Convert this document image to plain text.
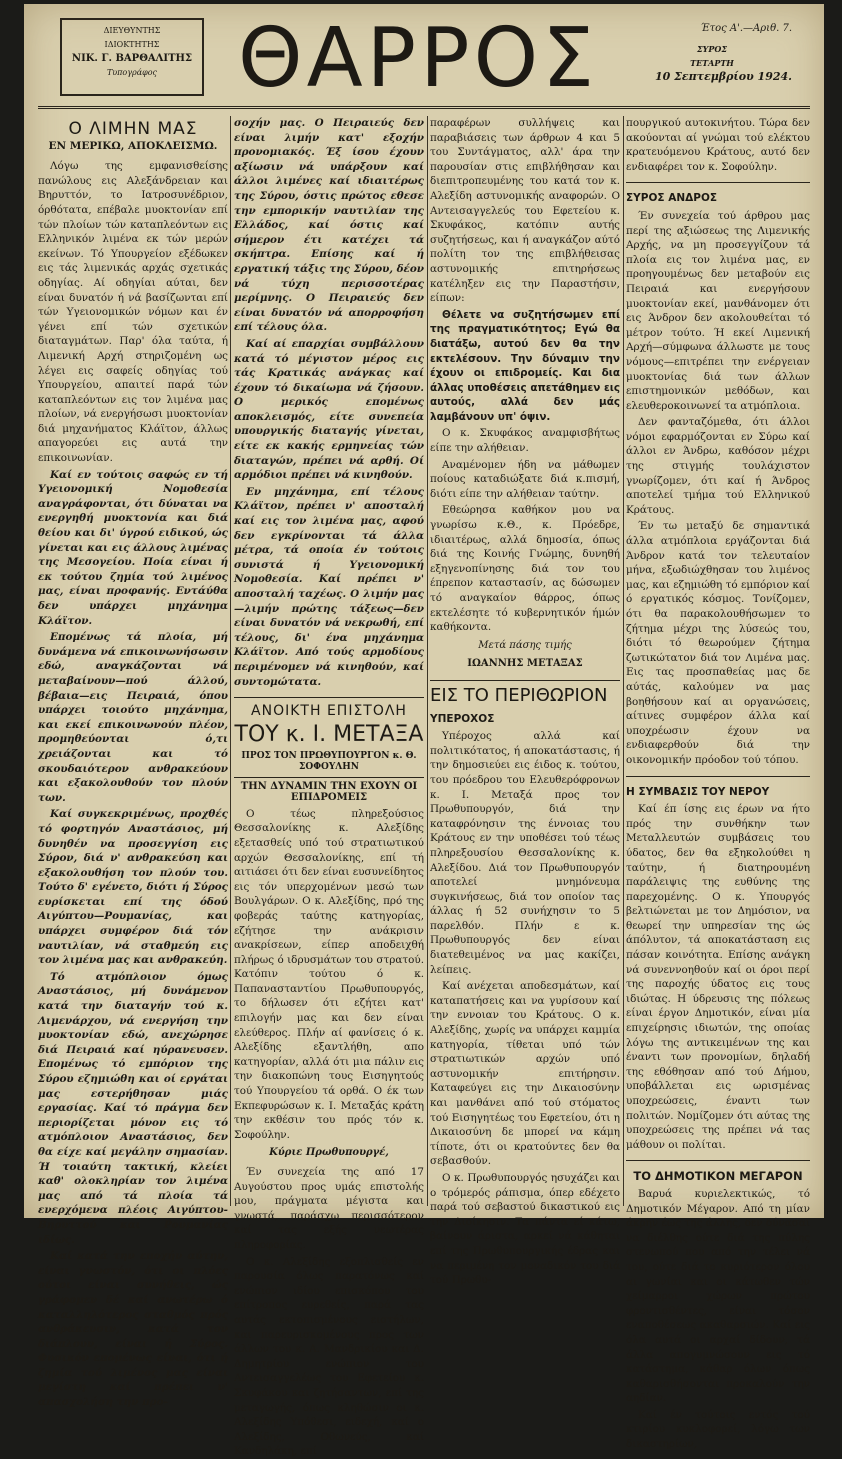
ΔΙΕΥΘΥΝΤΗΣ
ΙΔΙΟΚΤΗΤΗΣ
ΝΙΚ. Γ. ΒΑΡΘΑΛΙΤΗΣ
Τυπογράφος ΘΑΡΡΟΣ	Έτος Α'.—Αριθ. 7.
ΣΥΡΟΣ
ΤΕΤΑΡΤΗ
10 Σεπτεμβρίου 1924.
Ο ΛΙΜΗΝ ΜΑΣ
ΕΝ ΜΕΡΙΚΩ, ΑΠΟΚΛΕΙΣΜΩ.

Λόγω της εμφανισθείσης πανώλους εις Αλεξάνδρειαν και Βηρυττόν, το Ιατροσυνέδριον, όρθότατα, επέβαλε μυοκτονίαν επί τών πλοίων τών καταπλεόντων εις Ελληνικόν λιμένα εκ τών μερών εκείνων. Τό Υπουργείον εξέδωκεν εις τάς λιμενικάς αρχάς σχετικάς οδηγίας. Αί οδηγίαι αύται, δεν είναι δυνατόν ή νά βασίζωνται επί τών Υγειονομικών νόμων και έν γένει επί τών σχετικών διαταγμάτων. Παρ' όλα ταύτα, ή Λιμενική Αρχή στηριζομένη ως λέγει εις σαφείς οδηγίας τού Υπουργείου, απαιτεί παρά τών καταπλεόντων εις τον λιμένα μας πλοίων, νά ενεργήσωσι μυοκτονίαν διά μηχανήματος Κλάϊτον, άλλως απαγορεύει εις αυτά την επικοινωνίαν.

Καί εν τούτοις σαφώς εν τή Υγειονομική Νομοθεσία αναγράφονται, ότι δύναται να ενεργηθή μυοκτονία και διά θείου και δι' ύγρού ειδικού, ώς γίνεται και εις άλλους λιμένας της Μεσογείου. Ποία είναι ή εκ τούτου ζημία τού λιμένος μας, είναι προφανής. Εντάύθα δεν υπάρχει μηχάνημα Κλάϊτον.

Επομένως τά πλοία, μή δυνάμενα νά επικοινωνήσωσιν εδώ, αναγκάζονται νά μεταβαίνουν—πού άλλού, βέβαια—εις Πειραιά, όπου υπάρχει τοιούτο μηχάνημα, και εκεί επικοινωνούν πλέον, προμηθεύονται ό,τι χρειάζονται και τό σκουδαιότερον ανθρακεύουν και εξακολουθούν τον πλούν των.

Καί συγκεκριμένως, προχθές τό φορτηγόν Αναστάσιος, μή δυνηθέν να προσεγγίση εις Σύρον, διά ν' ανθρακεύση και εξακολουθήση τον πλούν του. Τούτο δ' εγένετο, διότι ή Σύρος ευρίσκεται επί της όδού Αιγύπτου—Ρουμανίας, και υπάρχει συμφέρον διά τόν ναυτιλίαν, νά σταθμεύη εις τον λιμένα μας και ανθρακεύη.

Τό ατμόπλοιον όμως Αναστάσιος, μή δυνάμενον κατά την διαταγήν τού κ. Λιμενάρχου, νά ενεργήση την μυοκτονίαν εδώ, ανεχώρησε διά Πειραιά καί ηύρανευσεν. Επομένως τό εμπόριον της Σύρου εζημιώθη και οί εργάται μας εστερήθησαν μιάς εργασίας. Καί τό πράγμα δεν περιορίζεται μόνον εις τό ατμόπλοιον Αναστάσιος, δεν θα είχε καί μεγάλην σημασίαν. Ή τοιαύτη τακτική, κλείει καθ' ολοκληρίαν τον λιμένα μας από τά πλοία τά ενερχόμενα πλέοις Αιγύπτου-Βηρυττού και Ρουμανίας ιδίως.

Καί κατά την εποχήν αύτην, είναι γνωστόν, ότι οι πλόες ούτοι είναι συνήθεις, ώς γράφομεν δέ καί ανωτέρω ό καταλληλότερος σταθμός πρός ανθράκευσιν, κατά τον διάπλουν, είναι ή Σύρος. Φυσικόν επομένως είναι, ότι ή ζημία τού λιμένος μας είναι μεγίστη καί πρέπει ν' απασχολήση την προ-

σοχήν μας. Ο Πειραιεύς δεν είναι λιμήν κατ' εξοχήν προνομιακός. Έξ ίσου έχουν αξίωσιν νά υπάρξουν καί άλλοι λιμένες καί ιδιαιτέρως της Σύρου, όστις πρώτος εθεσε την εμπορικήν ναυτιλίαν της Ελλάδος, καί όστις καί σήμερον έτι κατέχει τά σκήπτρα. Επίσης καί ή εργατική τάξις της Σύρου, δέον νά τύχη περισσοτέρας μερίμνης. Ο Πειραιεύς δεν είναι δυνατόν νά απορροφήση επί τέλους όλα.

Καί αί επαρχίαι συμβάλλουν κατά τό μέγιστον μέρος εις τάς Κρατικάς ανάγκας καί έχουν τό δικαίωμα νά ζήσουν. Ο μερικός επομένως αποκλεισμός, είτε συνεπεία υπουργικής διαταγής γίνεται, είτε εκ κακής ερμηνείας τών διαταγών, πρέπει νά αρθή. Οί αρμόδιοι πρέπει νά κινηθούν.

Εν μηχάνημα, επί τέλους Κλάϊτον, πρέπει ν' αποσταλή καί εις τον λιμένα μας, αφού δεν εγκρίνονται τά άλλα μέτρα, τά οποία έν τούτοις συνιστά ή Υγειονομική Νομοθεσία. Καί πρέπει ν' αποσταλή ταχέως. Ο λιμήν μας—λιμήν πρώτης τάξεως—δεν είναι δυνατόν νά νεκρωθή, επί τέλους, δι' ένα μηχάνημα Κλάϊτον. Από τούς αρμοδίους περιμένομεν νά κινηθούν, καί συντομώτατα.

ΑΝΟΙΚΤΗ ΕΠΙΣΤΟΛΗ
ΤΟΥ κ. Ι. ΜΕΤΑΞΑ
ΠΡΟΣ ΤΟΝ ΠΡΩΘΥΠΟΥΡΓΟΝ κ. Θ. ΣΟΦΟΥΛΗΝ
ΤΗΝ ΔΥΝΑΜΙΝ ΤΗΝ ΕΧΟΥΝ ΟΙ ΕΠΙΔΡΟΜΕΙΣ

Ο τέως πληρεξούσιος Θεσσαλονίκης κ. Αλεξίδης εξετασθείς υπό τού στρατιωτικού αρχών Θεσσαλονίκης, επί τή αιτιάσει ότι δεν είναι ευσυνείδητος εις τόν υπερχομένων μεσώ των Βουλγάρων. Ο κ. Αλεξίδης, πρό της φοβεράς ταύτης κατηγορίας, εζήτησε την ανάκρισιν ανακρίσεων, είπερ αποδειχθή πλήρως ό ιδρυσμάτων του στρατού. Κατόπιν τούτου ό κ. Παπανασταντίου Πρωθυπουργός, το δήλωσεν ότι εζήτει κατ' επιλογήν μας και δεν είναι ελεύθερος. Πλήν αί φανίσεις ό κ. Αλεξίδης εξαντλήθη, απο κατηγορίαν, αλλά ότι μια πάλιν εις την διακοπώνη τους Εισηγητούς τού Υπουργείου τά ορθά. Ο έκ των Εκπεφυρώσων κ. Ι. Μεταξάς κράτη την εκθέσιν του πρός τόν κ. Σοφούλην.

Κύριε Πρωθυπουργέ,

Έν συνεχεία της από 17 Αυγούστου προς υμάς επιστολής μου, πράγματα μέγιστα και γνωστά, παράσχω περισσότερον καί τας εξής νεωτέρας πληροφορίας.

Ο κ. Αλεξίδης εξοπλισθείς εν παρουσία όλως παρατόνως καί ενώπιον ιδίου επισκόπου του επίτροπος ευρεθείς, παρά τας αυτάς εκτοπισμένους ειστήλων, και παρευρισκομένους προς των άλλων του κ. Α. Μανδρικίου και Δ. Δημητρίου ενώπιον του Αντεισαγγελέως του Εφετείου κ. Σκυφάκου και ζητήσαντων, επί της μεταγωγής, όπως κληθώσιν οι κ. Αλεξίδης Υπόθεσι, ειδεχή, καί ο Αλεξίδης, Οθωνεύς, καί Κανδηλάκη, επί

παραφέρων συλλήψεις και παραβιάσεις των άρθρων 4 και 5 του Συντάγματος, αλλ' άρα την παρουσίαν στις επιβλήθησαν και διεπιτροπευμένης του κατά τον κ. Αλεξίδη αστυνομικής αναφορών. Ο Αντεισαγγελεύς του Εφετείου κ. Σκυφάκος, κατόπιν αυτής συζητήσεως, και ή αναγκάζον αύτό πολίτη τον της επιβλήθεισας αστυνομικής επιτηρήσεως κατέληξεν εις την Παραστήσιν, είπων:

Θέλετε να συζητήσωμεν επί της πραγματικότητος; Εγώ θα διατάξω, αυτού δεν θα την εκτελέσουν. Την δύναμιν την έχουν οι επιδρομείς. Και δια άλλας υποθέσεις απετάθημεν εις αυτούς, αλλά δεν μάς λαμβάνουν υπ' όψιν.

Ο κ. Σκυφάκος αναμφισβήτως είπε την αλήθειαν.

Αναμένομεν ήδη να μάθωμεν ποίους καταδιώξατε διά κ.πισμή, διότι είπε την αλήθειαν ταύτην.

Εθεώρησα καθήκον μου να γνωρίσω κ.Θ., κ. Πρόεδρε, ιδιαιτέρως, αλλά δημοσία, όπως διά της Κοινής Γνώμης, δυνηθή εξηγενοπίνησης διά τον του έπρεπον καταστασίν, ας δώσωμεν τό αναγκαίον θάρρος, όπως εκτελέσητε τό κυβερνητικόν ήμών καθήκοντα.

Μετά πάσης τιμής
ΙΩΑΝΝΗΣ ΜΕΤΑΞΑΣ
ΕΙΣ ΤΟ ΠΕΡΙΘΩΡΙΟΝ
ΥΠΕΡΟΧΟΣ

Υπέροχος αλλά καί πολιτικότατος, ή αποκατάστασις, ή την δημοσιεύει εις έιδος κ. τούτου, του πρόεδρου του Ελευθερόφρονων κ. Ι. Μεταξά προς τον Πρωθυπουργόν, διά την καταφρόνησιν της έννοιας του Κράτους εν την υποθέσει τού τέως πληρεξουσίου Θεσσαλονίκης κ. Αλεξίδου. Διά τον Πρωθυπουργόν αποτελεί μνημόνευμα συγκινήσεως, διά τον οποίον τας άλλας ή 52 συνήχησιν το 5 παρελθόν. Πλήν ε κ. Πρωθυπουργός δεν είναι διατεθειμένος να μας κακίζει, λείπεις.

Καί ανέχεται αποδεσμάτων, καί καταπατήσεις και να γυρίσουν καί την εννοιαν του Κράτους. Ο κ. Αλεξίδης, χωρίς να υπάρχει καμμία κατηγορία, τίθεται υπό τών στρατιωτικών αρχών υπό αστυνομικήν επιτήρησιν. Καταφεύγει εις την Δικαιοσύνην και μανθάνει από τού στόματος τού Εισηγητέως του Εφετείου, ότι η Δικαιοσύνη δε μπορεί να κάμη τίποτε, ότι οι κρατούντες δεν θα σεβασθούν.

Ο κ. Πρωθυπουργός ησυχάζει και ο τρόμερός ράπισμα, όπερ εδέχετο παρά τού σεβαστού δικαστικού εις την Διοίκησιν. Τα πάντα εί κάτω, βαίνουν άριστα, αρκεί νά κάθηται επί της Πρωθυπουργικής έδρας και να περιμένη τον μοναδικόν του διά τού Πρωθυ-

πουργικού αυτοκινήτου. Τώρα δεν ακούονται αί γνώμαι τού ελέκτου κρατευόμενου Κράτους, αυτό δεν ενδιαφέρει τον κ. Σοφούλην.

ΣΥΡΟΣ ΑΝΔΡΟΣ

Έν συνεχεία τού άρθρου μας περί της αξιώσεως της Λιμενικής Αρχής, να μη προσεγγίζουν τά πλοία εις τον λιμένα μας, εν προηγουμένως δεν μεταβούν εις Πειραιά και ενεργήσουν μυοκτονίαν εκεί, μανθάνομεν ότι εις Άνδρον δεν ακολουθείται τό μέτρον τούτο. Ή εκεί Λιμενική Αρχή—σύμφωνα άλλωστε με τους νόμους—επιτρέπει την ενέργειαν μυοκτονίας διά των άλλων επιστημονικών μεθόδων, και ελευθεροκοινωνεί τα ατμόπλοια.

Δεν φανταζόμεθα, ότι άλλοι νόμοι εφαρμόζονται εν Σύρω καί άλλοι εν Άνδρω, καθόσον μέχρι της στιγμής τουλάχιστον γνωρίζομεν, ότι καί ή Άνδρος αποτελεί τμήμα τού Ελληνικού Κράτους.

Έν τω μεταξύ δε σημαντικά άλλα ατμόπλοια εργάζονται διά Άνδρον κατά τον τελευταίον μήνα, εξωδιώχθησαν του λιμένος μας, και εζημιώθη τό εμπόριον καί ό εργατικός κόσμος. Τονίζομεν, ότι θα παρακολουθήσωμεν το ζήτημα μέχρι της λύσεώς του, διότι τό θεωρούμεν ζήτημα ζωτικώτατον διά τον Λιμένα μας. Εις τας προσπαθείας μας δε αύτάς, καλούμεν να μας βοηθήσουν καί αι οργανώσεις, αίτινες συμφέρον άλλα καί υποχρέωσιν έχουν να ενδιαφερθούν διά την οικονομικήν πρόοδον τού τόπου.

Η ΣΥΜΒΑΣΙΣ ΤΟΥ ΝΕΡΟΥ

Καί έπ ίσης εις έρων να ήτο πρός την συνθήκην των Μεταλλευτών συμβάσεις του ύδατος, δεν θα εξηκολούθει η ταύτην, ή διατηρουμένη παράλειψις της ευθύνης της παρεχομένης. Ο κ. Υπουργός βελτιώνεται με τον Δημόσιον, να θεωρεί την υπηρεσίαν της ώς άπόλυτον, τά αποκατάσταση εις πάσαν κοινότητα. Επίσης ανάγκη νά συνεννοηθούν καί οι όροι περί της παροχής ύδατος εις τους ιδιώτας. Η ύδρευσις της πόλεως είναι έργον Δημοτικόν, είναι μία επιχείρησις ιδιωτών, της οποίας λόγω της αντικειμένων της και έναντι των προνομίων, δηλαδή της εθόθησαν από τού Δήμου, υποβάλλεται εις ωρισμένας υποχρεώσεις, έναντι των πολιτών. Νομίζομεν ότι αύτας της υποχρεώσεις της πρέπει νά τας μάθουν οι πολίται.

ΤΟ ΔΗΜΟΤΙΚΟΝ ΜΕΓΑΡΟΝ

Βαρυά κυριελεκτικώς, τό Δημοτικόν Μέγαρον. Από τη μίαν άκρην έως της άλλης, δεν δύνασαι να διέλθης ούτε διά της πύλης στενωπού που από την τέλει νά του, ούτε διά το κυριότερον όλου αι γωνίαι και οι κάτωθεν τών χείμαρροι χώρων πρώτου φροντισθέντες, είναι τόσον εναποθέσεως ακαθαρσιών. Καί εις όλα αυτά οι αρχαί δίδουν, τά άλλα απογυμνώσουν εις τό κατάστημα, κάθαρ όλων όπως καθαρισθήσονται προκαλούν την αηδίαν.

Καί έν τούτοις εντός τού κτιρίου κυκλοφορεί, λόγω των δικαστηρίων,
